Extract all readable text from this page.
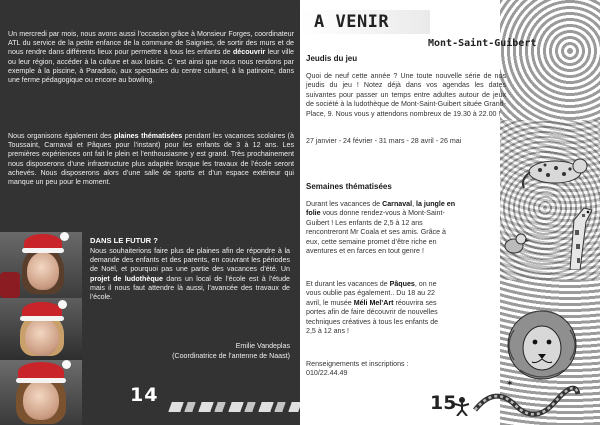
Un mercredi par mois, nous avons aussi l’occasion grâce à Monsieur Forges, coordinateur ATL du service de la petite enfance de la commune de Saignies, de sortir des murs et de nous rendre dans différents lieux pour permettre à tous les enfants de découvrir leur ville ou leur région, accéder à la culture et aux loisirs. C ’est ainsi que nous nous rendons par exemple à la piscine, à Paradisio, aux spectacles du centre culturel, à la patinoire, dans une ferme pédagogique ou encore au bowling.

Nous organisons également des plaines thématisées pendant les vacances scolaires (à Toussaint, Carnaval et Pâques pour l’instant) pour les enfants de 3 à 12 ans. Les premières expériences ont fait le plein et l’enthousiasme y est grand. Très prochainement nous disposerons d’une infrastructure plus adaptée lorsque les travaux de l’école seront achevés. Nous disposerons alors d’une salle de sports et d’un espace extérieur qui manque un peu pour le moment.

DANS LE FUTUR ?

Nous souhaiterions faire plus de plaines afin de répondre à la demande des enfants et des parents, en couvrant les périodes de Noël, et pourquoi pas une partie des vacances d’été. Un projet de ludothèque dans un local de l’école est à l’étude mais il nous faut attendre là aussi, l’avancée des travaux de l’école.

Emilie Vandeplas
(Coordinatrice de l’antenne de Naast)
14	✶
A VENIR
Mont-Saint-Guibert
Jeudis du jeu

Quoi de neuf cette année ? Une toute nouvelle série de nos jeudis du jeu ! Notez déjà dans vos agendas les dates suivantes pour passer un temps entre adultes autour de jeux de société à la ludothèque de Mont-Saint-Guibert située Grand-Place, 9. Nous vous y attendons nombreux de 19.30 à 22.00 !

27 janvier - 24 février - 31 mars - 28 avril - 26 mai

Semaines thématisées

Durant les vacances de Carnaval, la jungle en folie vous donne rendez-vous à Mont-Saint-Guibert ! Les enfants de 2,5 à 12 ans rencontreront Mr Coala et ses amis. Grâce à eux, cette semaine promet d’être riche en aventures et en farces en tout genre !

Et durant les vacances de Pâques, on ne vous oublie pas également.. Du 18 au 22 avril, le musée Méli Mel’Art réouvrira ses portes afin de faire découvrir de nouvelles techniques créatives à tous les enfants de 2,5 à 12 ans !

Renseignements et inscriptions :
010/22.44.49
15
